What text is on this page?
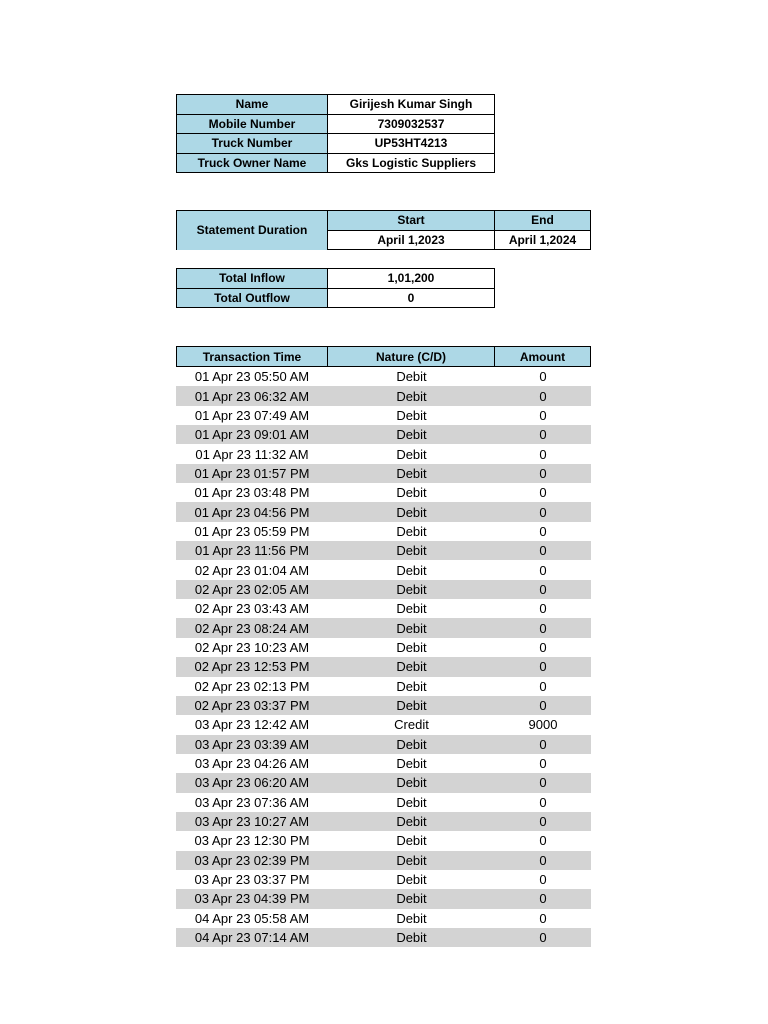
Name	Girijesh Kumar Singh
Mobile Number	7309032537
Truck Number	UP53HT4213
Truck Owner Name	Gks Logistic Suppliers
Statement Duration	Start	End
	April 1,2023	April 1,2024
Total Inflow	1,01,200
Total Outflow	0
Transaction Time	Nature (C/D)	Amount
01 Apr 23 05:50 AM	Debit	0
01 Apr 23 06:32 AM	Debit	0
01 Apr 23 07:49 AM	Debit	0
01 Apr 23 09:01 AM	Debit	0
01 Apr 23 11:32 AM	Debit	0
01 Apr 23 01:57 PM	Debit	0
01 Apr 23 03:48 PM	Debit	0
01 Apr 23 04:56 PM	Debit	0
01 Apr 23 05:59 PM	Debit	0
01 Apr 23 11:56 PM	Debit	0
02 Apr 23 01:04 AM	Debit	0
02 Apr 23 02:05 AM	Debit	0
02 Apr 23 03:43 AM	Debit	0
02 Apr 23 08:24 AM	Debit	0
02 Apr 23 10:23 AM	Debit	0
02 Apr 23 12:53 PM	Debit	0
02 Apr 23 02:13 PM	Debit	0
02 Apr 23 03:37 PM	Debit	0
03 Apr 23 12:42 AM	Credit	9000
03 Apr 23 03:39 AM	Debit	0
03 Apr 23 04:26 AM	Debit	0
03 Apr 23 06:20 AM	Debit	0
03 Apr 23 07:36 AM	Debit	0
03 Apr 23 10:27 AM	Debit	0
03 Apr 23 12:30 PM	Debit	0
03 Apr 23 02:39 PM	Debit	0
03 Apr 23 03:37 PM	Debit	0
03 Apr 23 04:39 PM	Debit	0
04 Apr 23 05:58 AM	Debit	0
04 Apr 23 07:14 AM	Debit	0
